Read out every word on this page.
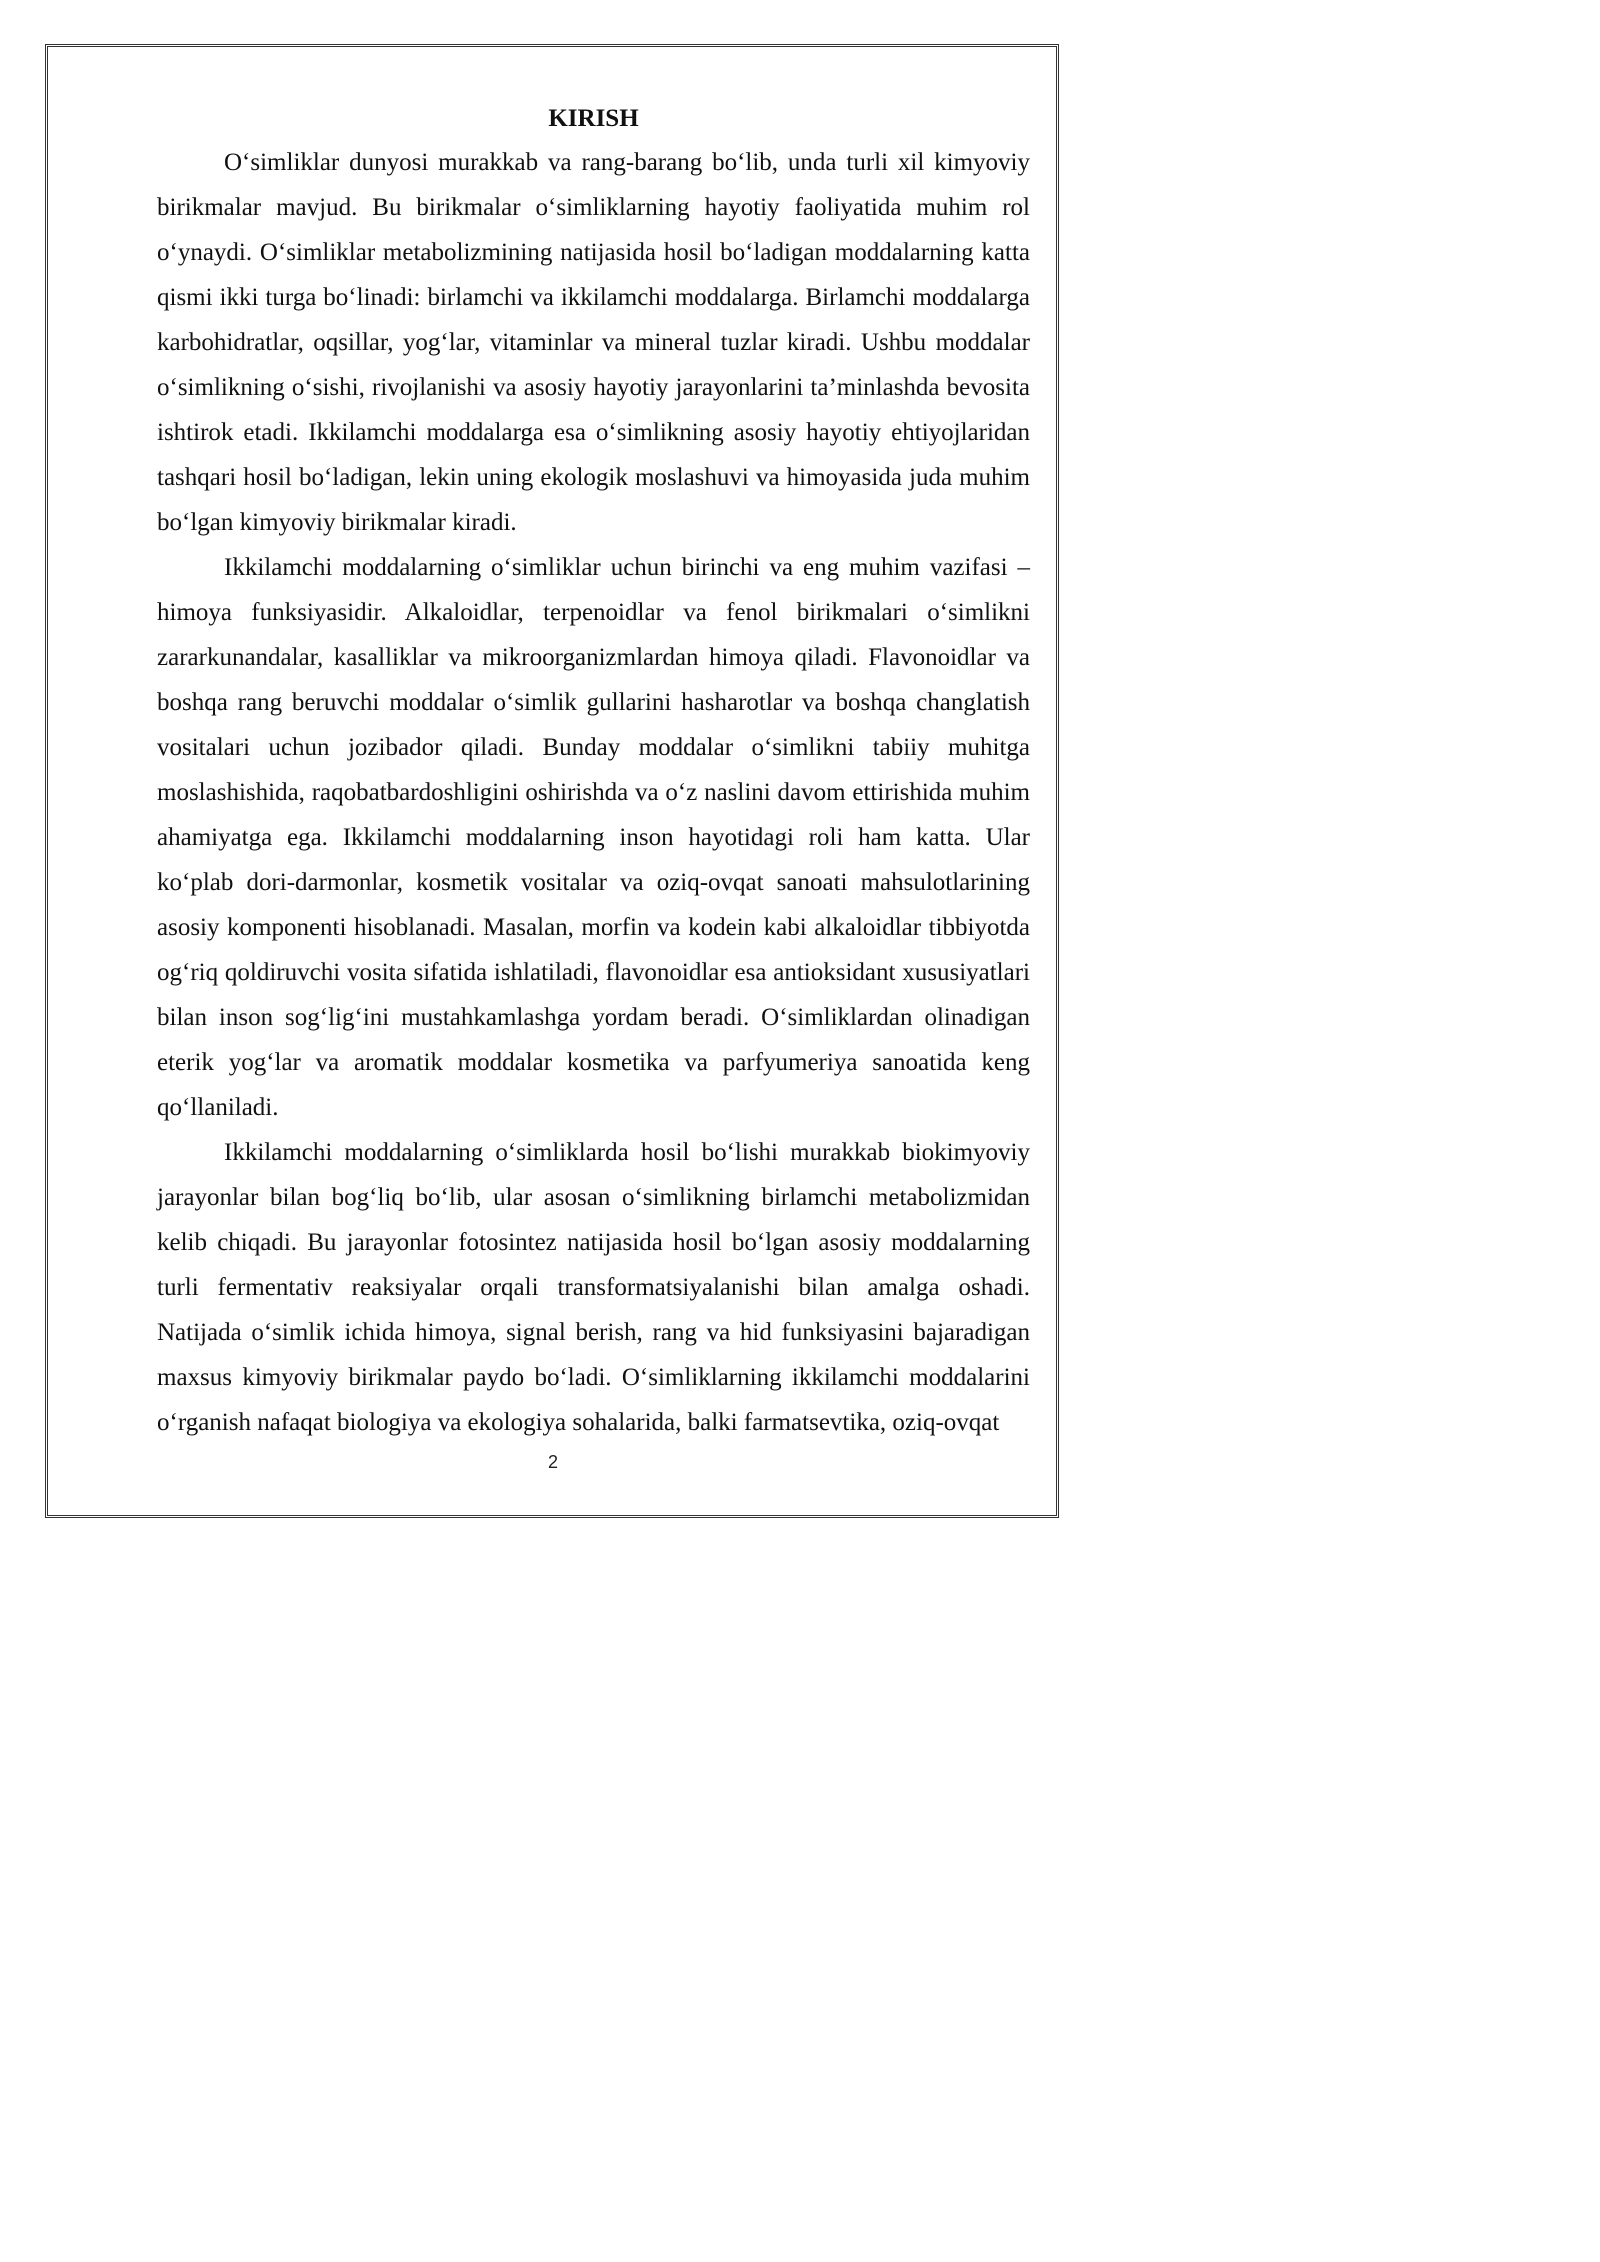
KIRISH

O‘simliklar dunyosi murakkab va rang-barang bo‘lib, unda turli xil kimyoviy birikmalar mavjud. Bu birikmalar o‘simliklarning hayotiy faoliyatida muhim rol o‘ynaydi. O‘simliklar metabolizmining natijasida hosil bo‘ladigan moddalarning katta qismi ikki turga bo‘linadi: birlamchi va ikkilamchi moddalarga. Birlamchi moddalarga karbohidratlar, oqsillar, yog‘lar, vitaminlar va mineral tuzlar kiradi. Ushbu moddalar o‘simlikning o‘sishi, rivojlanishi va asosiy hayotiy jarayonlarini ta’minlashda bevosita ishtirok etadi. Ikkilamchi moddalarga esa o‘simlikning asosiy hayotiy ehtiyojlaridan tashqari hosil bo‘ladigan, lekin uning ekologik moslashuvi va himoyasida juda muhim bo‘lgan kimyoviy birikmalar kiradi.

Ikkilamchi moddalarning o‘simliklar uchun birinchi va eng muhim vazifasi – himoya funksiyasidir. Alkaloidlar, terpenoidlar va fenol birikmalari o‘simlikni zararkunandalar, kasalliklar va mikroorganizmlardan himoya qiladi. Flavonoidlar va boshqa rang beruvchi moddalar o‘simlik gullarini hasharotlar va boshqa changlatish vositalari uchun jozibador qiladi. Bunday moddalar o‘simlikni tabiiy muhitga moslashishida, raqobatbardoshligini oshirishda va o‘z naslini davom ettirishida muhim ahamiyatga ega. Ikkilamchi moddalarning inson hayotidagi roli ham katta. Ular ko‘plab dori-darmonlar, kosmetik vositalar va oziq-ovqat sanoati mahsulotlarining asosiy komponenti hisoblanadi. Masalan, morfin va kodein kabi alkaloidlar tibbiyotda og‘riq qoldiruvchi vosita sifatida ishlatiladi, flavonoidlar esa antioksidant xususiyatlari bilan inson sog‘lig‘ini mustahkamlashga yordam beradi. O‘simliklardan olinadigan eterik yog‘lar va aromatik moddalar kosmetika va parfyumeriya sanoatida keng qo‘llaniladi.

Ikkilamchi moddalarning o‘simliklarda hosil bo‘lishi murakkab biokimyoviy jarayonlar bilan bog‘liq bo‘lib, ular asosan o‘simlikning birlamchi metabolizmidan kelib chiqadi. Bu jarayonlar fotosintez natijasida hosil bo‘lgan asosiy moddalarning turli fermentativ reaksiyalar orqali transformatsiyalanishi bilan amalga oshadi. Natijada o‘simlik ichida himoya, signal berish, rang va hid funksiyasini bajaradigan maxsus kimyoviy birikmalar paydo bo‘ladi. O‘simliklarning ikkilamchi moddalarini o‘rganish nafaqat biologiya va ekologiya sohalarida, balki farmatsevtika, oziq-ovqat

2
